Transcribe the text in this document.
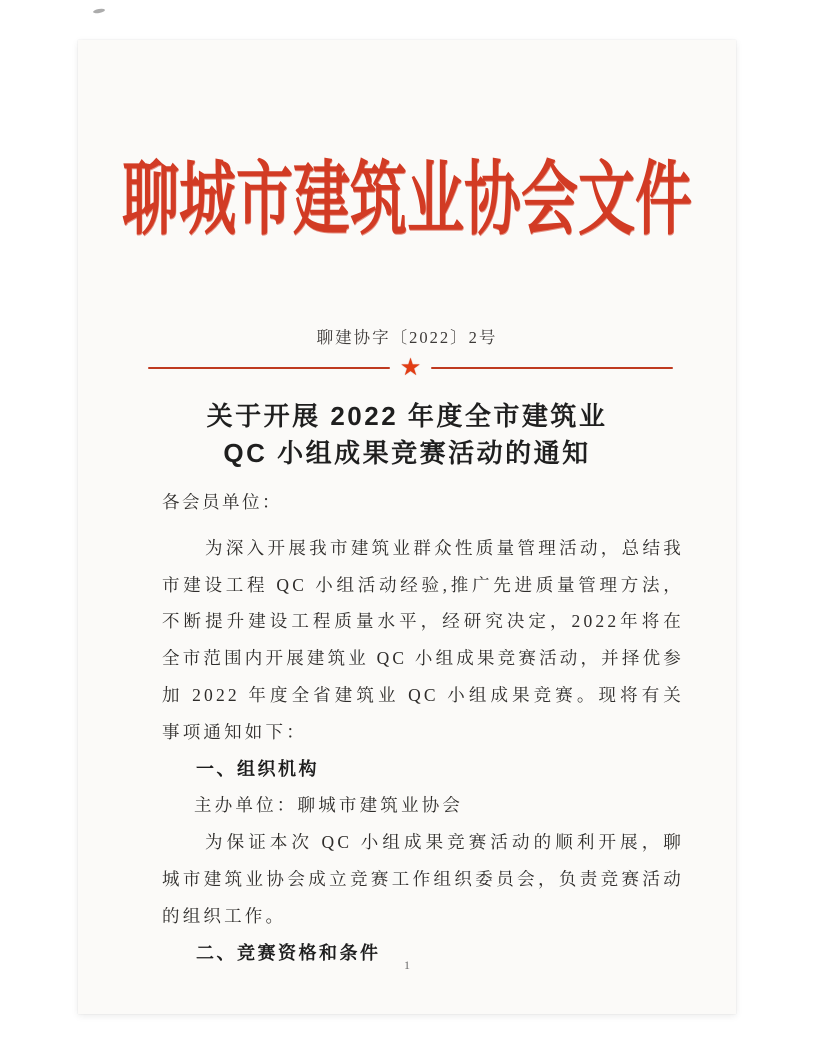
聊城市建筑业协会文件
聊建协字〔2022〕2号
★
关于开展 2022 年度全市建筑业
QC 小组成果竞赛活动的通知

各会员单位：

为深入开展我市建筑业群众性质量管理活动，总结我市建设工程 QC 小组活动经验,推广先进质量管理方法，不断提升建设工程质量水平，经研究决定，2022年将在全市范围内开展建筑业 QC 小组成果竞赛活动，并择优参加 2022 年度全省建筑业 QC 小组成果竞赛。现将有关事项通知如下：

一、组织机构

主办单位：聊城市建筑业协会

为保证本次 QC 小组成果竞赛活动的顺利开展，聊城市建筑业协会成立竞赛工作组织委员会，负责竞赛活动的组织工作。

二、竞赛资格和条件

1
